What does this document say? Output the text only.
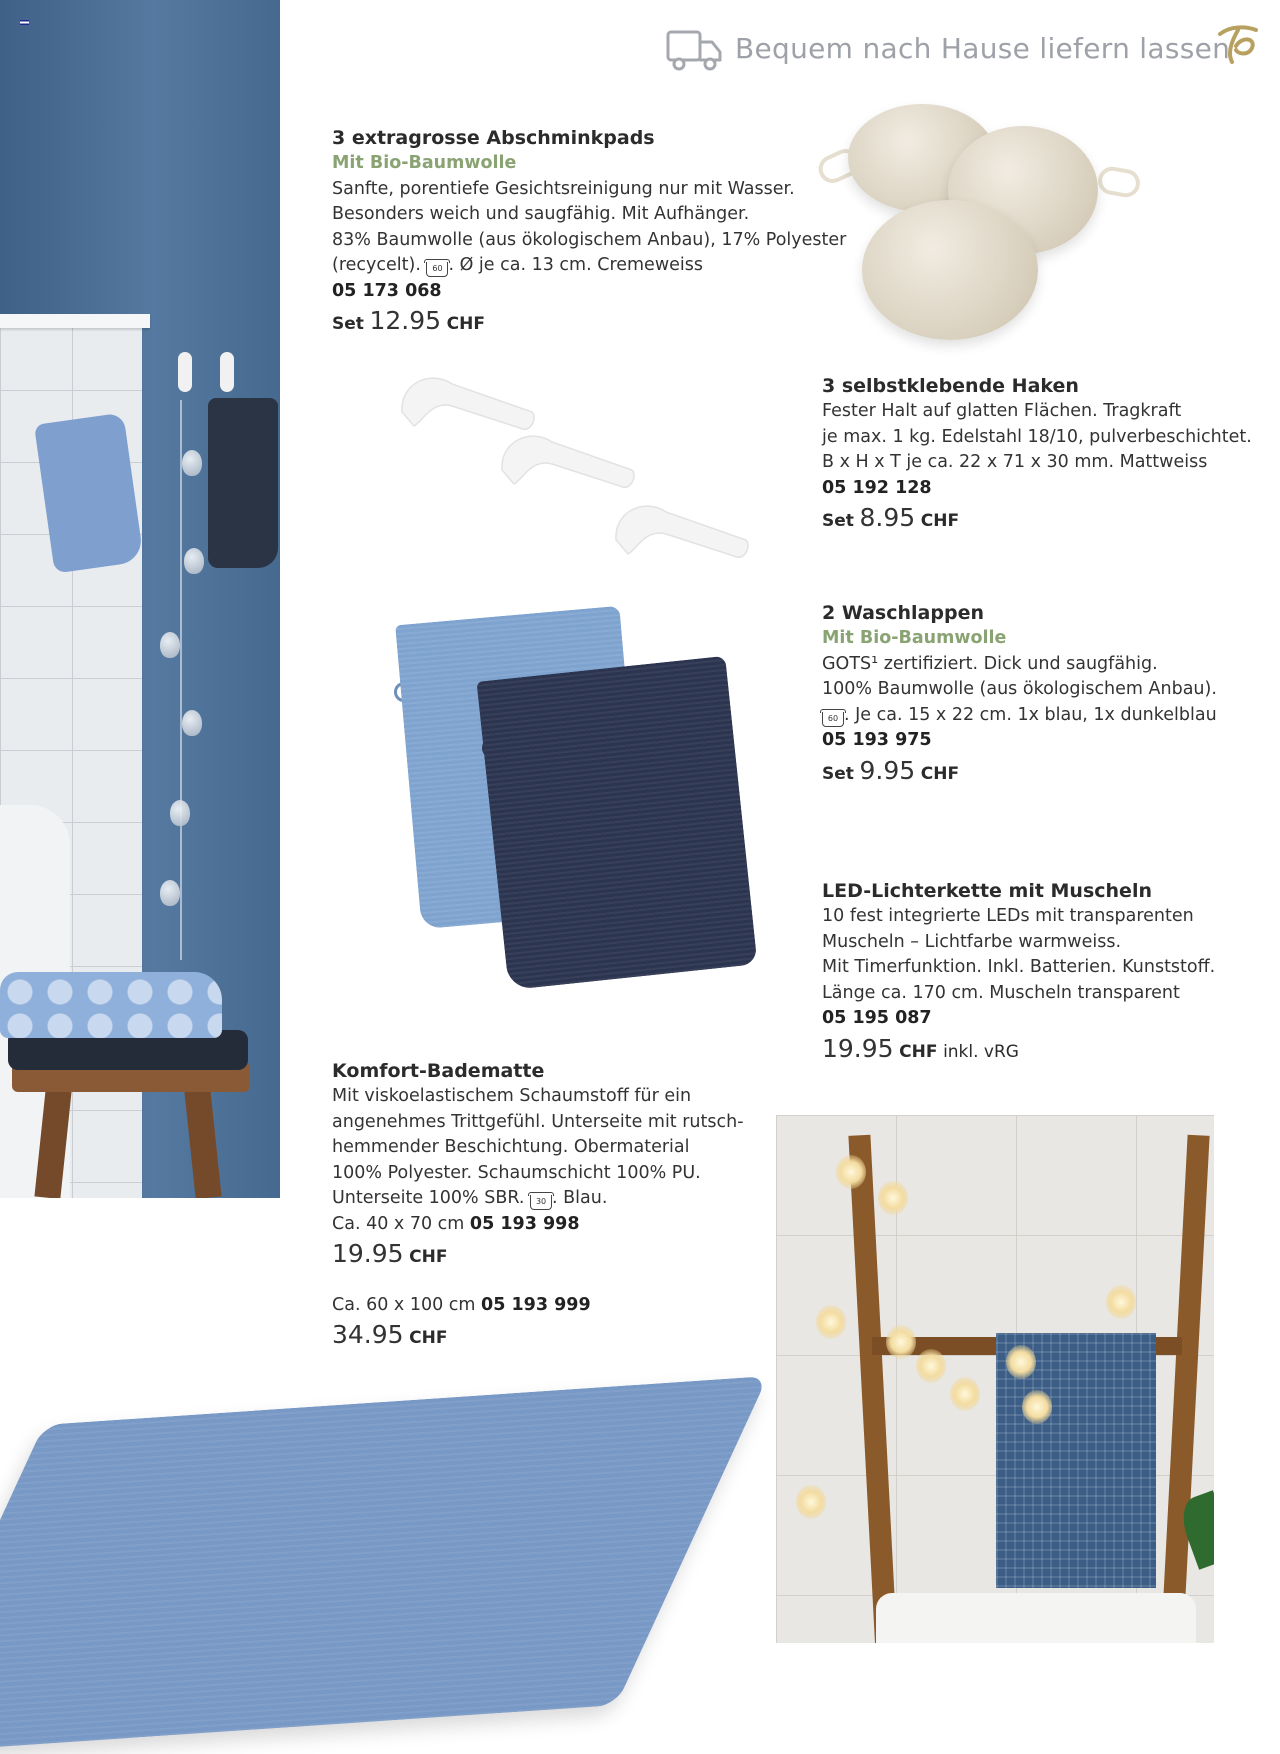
Bequem nach Hause liefern lassen
3 extragrosse Abschminkpads
Mit Bio-Baumwolle

Sanfte, porentiefe Gesichtsreinigung nur mit Wasser.

Besonders weich und saugfähig. Mit Aufhänger.

83% Baumwolle (aus ökologischem Anbau), 17% Polyester

(recycelt). 60 . Ø je ca. 13 cm. Cremeweiss

05 173 068
Set 12.95 CHF
3 selbstklebende Haken

Fester Halt auf glatten Flächen. Tragkraft

je max. 1 kg. Edelstahl 18/10, pulverbeschichtet.

B x H x T je ca. 22 x 71 x 30 mm. Mattweiss

05 192 128
Set 8.95 CHF
2 Waschlappen
Mit Bio-Baumwolle

GOTS¹ zertifiziert. Dick und saugfähig.

100% Baumwolle (aus ökologischem Anbau).

60 . Je ca. 15 x 22 cm. 1x blau, 1x dunkelblau

05 193 975
Set 9.95 CHF
LED-Lichterkette mit Muscheln

10 fest integrierte LEDs mit transparenten

Muscheln – Lichtfarbe warmweiss.

Mit Timerfunktion. Inkl. Batterien. Kunststoff.

Länge ca. 170 cm. Muscheln transparent

05 195 087
19.95 CHF inkl. vRG
Komfort-Badematte

Mit viskoelastischem Schaumstoff für ein

angenehmes Trittgefühl. Unterseite mit rutsch-

hemmender Beschichtung. Obermaterial

100% Polyester. Schaumschicht 100% PU.

Unterseite 100% SBR. 30 . Blau.

Ca. 40 x 70 cm 05 193 998

19.95 CHF
Ca. 60 x 100 cm 05 193 999
34.95 CHF
